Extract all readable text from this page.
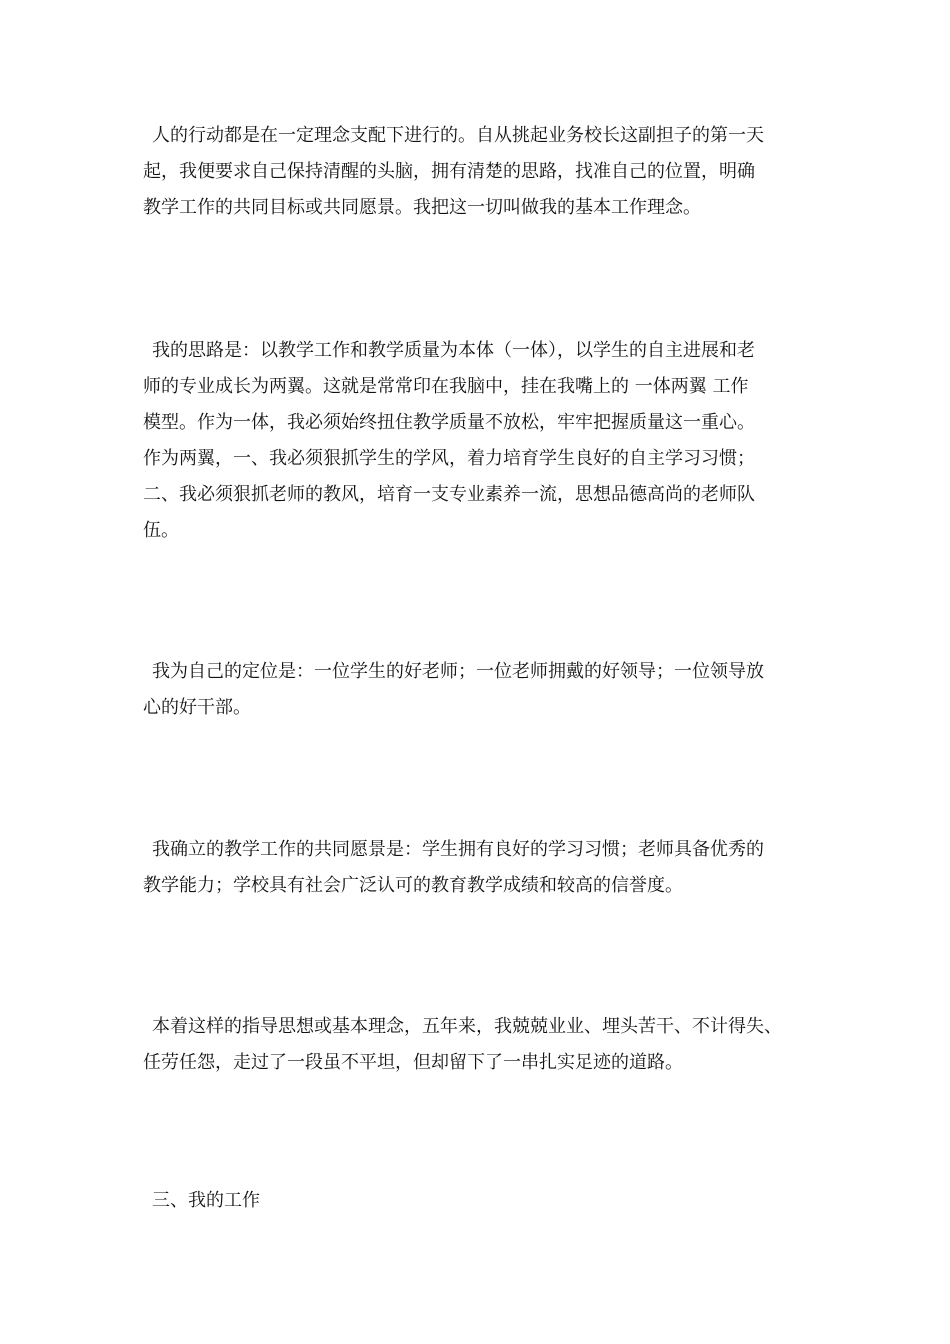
人的行动都是在一定理念支配下进行的。自从挑起业务校长这副担子的第一天
起，我便要求自己保持清醒的头脑，拥有清楚的思路，找准自己的位置，明确
教学工作的共同目标或共同愿景。我把这一切叫做我的基本工作理念。
我的思路是：以教学工作和教学质量为本体（一体），以学生的自主进展和老
师的专业成长为两翼。这就是常常印在我脑中，挂在我嘴上的 一体两翼 工作
模型。作为一体，我必须始终扭住教学质量不放松，牢牢把握质量这一重心。
作为两翼，一、我必须狠抓学生的学风，着力培育学生良好的自主学习习惯；
二、我必须狠抓老师的教风，培育一支专业素养一流，思想品德高尚的老师队
伍。
我为自己的定位是：一位学生的好老师；一位老师拥戴的好领导；一位领导放
心的好干部。
我确立的教学工作的共同愿景是：学生拥有良好的学习习惯；老师具备优秀的
教学能力；学校具有社会广泛认可的教育教学成绩和较高的信誉度。
本着这样的指导思想或基本理念，五年来，我兢兢业业、埋头苦干、不计得失、
任劳任怨，走过了一段虽不平坦，但却留下了一串扎实足迹的道路。
三、我的工作
